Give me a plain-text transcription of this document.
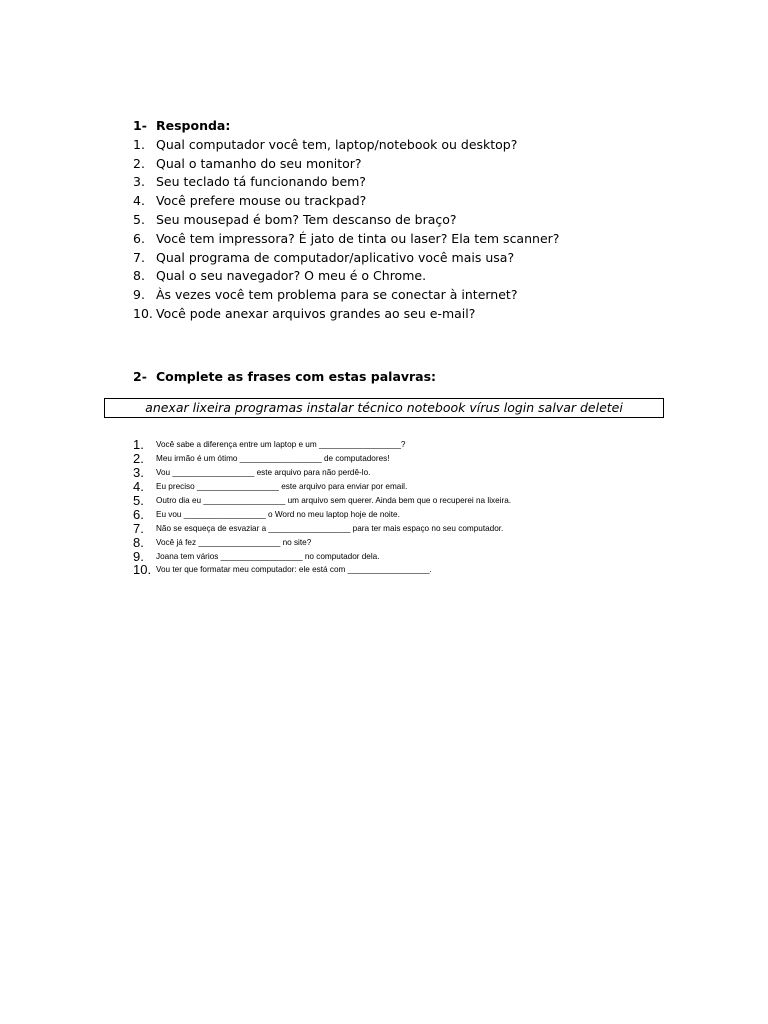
1- Responda:
1. Qual computador você tem, laptop/notebook ou desktop?
2. Qual o tamanho do seu monitor?
3. Seu teclado tá funcionando bem?
4. Você prefere mouse ou trackpad?
5. Seu mousepad é bom? Tem descanso de braço?
6. Você tem impressora? É jato de tinta ou laser? Ela tem scanner?
7. Qual programa de computador/aplicativo você mais usa?
8. Qual o seu navegador? O meu é o Chrome.
9. Às vezes você tem problema para se conectar à internet?
10. Você pode anexar arquivos grandes ao seu e-mail?
2- Complete as frases com estas palavras:
anexar lixeira programas instalar técnico notebook vírus login salvar deletei
1.	Você sabe a diferença entre um laptop e um __________________?
2.	Meu irmão é um ótimo __________________ de computadores!
3.	Vou __________________ este arquivo para não perdê-lo.
4.	Eu preciso __________________ este arquivo para enviar por email.
5.	Outro dia eu __________________ um arquivo sem querer. Ainda bem que o recuperei na lixeira.
6.	Eu vou __________________ o Word no meu laptop hoje de noite.
7.	Não se esqueça de esvaziar a __________________ para ter mais espaço no seu computador.
8.	Você já fez __________________ no site?
9.	Joana tem vários __________________ no computador dela.
10. Vou ter que formatar meu computador: ele está com __________________.
